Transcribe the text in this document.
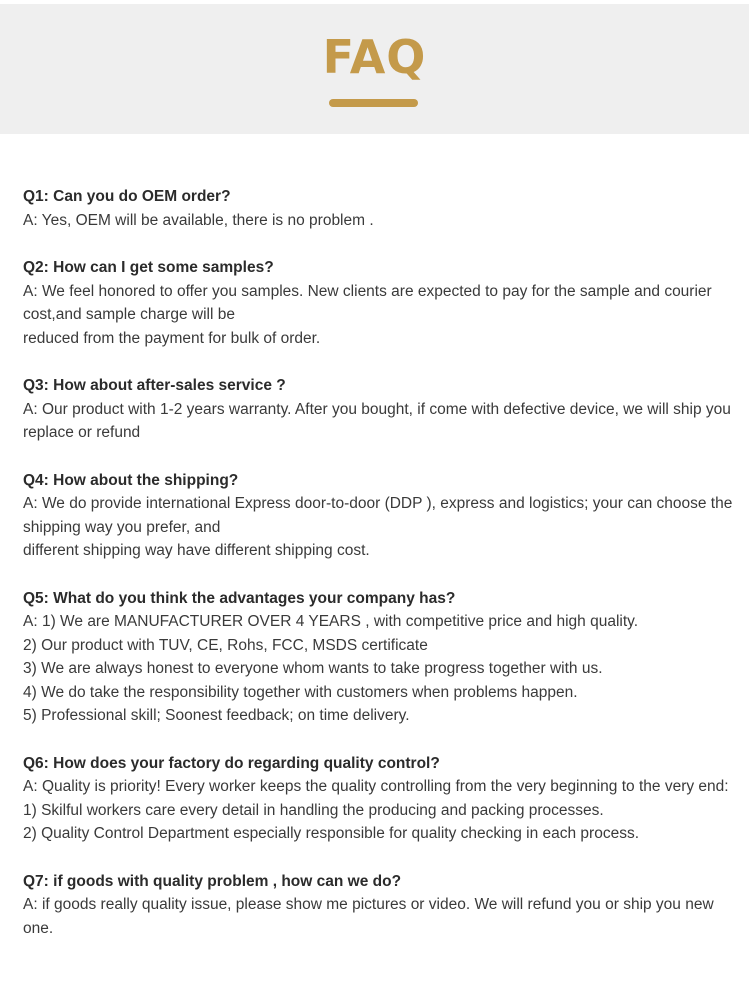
FAQ
Q1: Can you do OEM order?
A: Yes, OEM will be available, there is no problem .
Q2: How can I get some samples?
A: We feel honored to offer you samples. New clients are expected to pay for the sample and courier cost,and sample charge will be
reduced from the payment for bulk of order.
Q3: How about after-sales service ?
A: Our product with 1-2 years warranty. After you bought, if come with defective device, we will ship you replace or refund
Q4: How about the shipping?
A: We do provide international Express door-to-door (DDP ), express and logistics; your can choose the shipping way you prefer, and
different shipping way have different shipping cost.
Q5: What do you think the advantages your company has?
A: 1) We are MANUFACTURER OVER 4 YEARS , with competitive price and high quality.
2) Our product with TUV, CE, Rohs, FCC, MSDS certificate
3) We are always honest to everyone whom wants to take progress together with us.
4) We do take the responsibility together with customers when problems happen.
5) Professional skill; Soonest feedback; on time delivery.
Q6: How does your factory do regarding quality control?
A: Quality is priority! Every worker keeps the quality controlling from the very beginning to the very end:
1) Skilful workers care every detail in handling the producing and packing processes.
2) Quality Control Department especially responsible for quality checking in each process.
Q7: if goods with quality problem , how can we do?
A: if goods really quality issue, please show me pictures or video. We will refund you or ship you new one.
